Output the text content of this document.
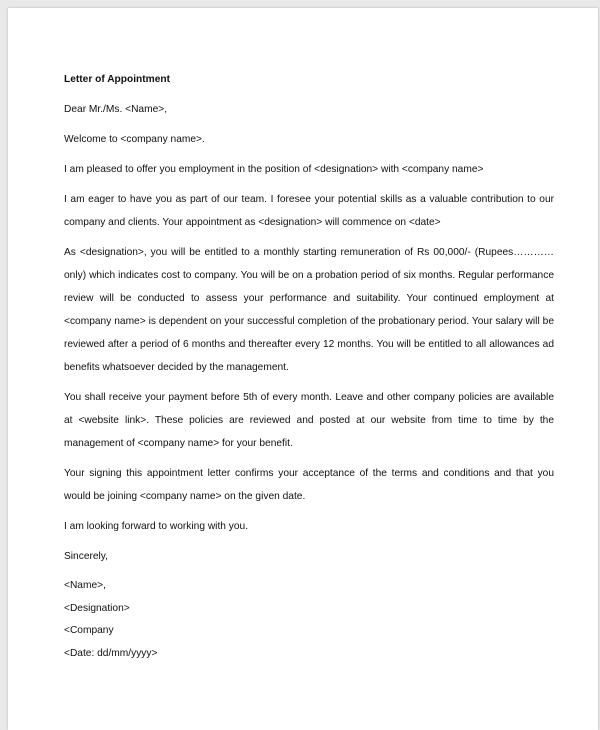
Letter of Appointment

Dear Mr./Ms. <Name>,

Welcome to <company name>.

I am pleased to offer you employment in the position of <designation> with <company name>

I am eager to have you as part of our team. I foresee your potential skills as a valuable contribution to our company and clients. Your appointment as <designation> will commence on <date>

As <designation>, you will be entitled to a monthly starting remuneration of Rs 00,000/- (Rupees………… only) which indicates cost to company. You will be on a probation period of six months. Regular performance review will be conducted to assess your performance and suitability. Your continued employment at <company name> is dependent on your successful completion of the probationary period. Your salary will be reviewed after a period of 6 months and thereafter every 12 months. You will be entitled to all allowances ad benefits whatsoever decided by the management.

You shall receive your payment before 5th of every month. Leave and other company policies are available at <website link>. These policies are reviewed and posted at our website from time to time by the management of <company name> for your benefit.

Your signing this appointment letter confirms your acceptance of the terms and conditions and that you would be joining <company name> on the given date.

I am looking forward to working with you.

Sincerely,

<Name>,

<Designation>

<Company

<Date: dd/mm/yyyy>
